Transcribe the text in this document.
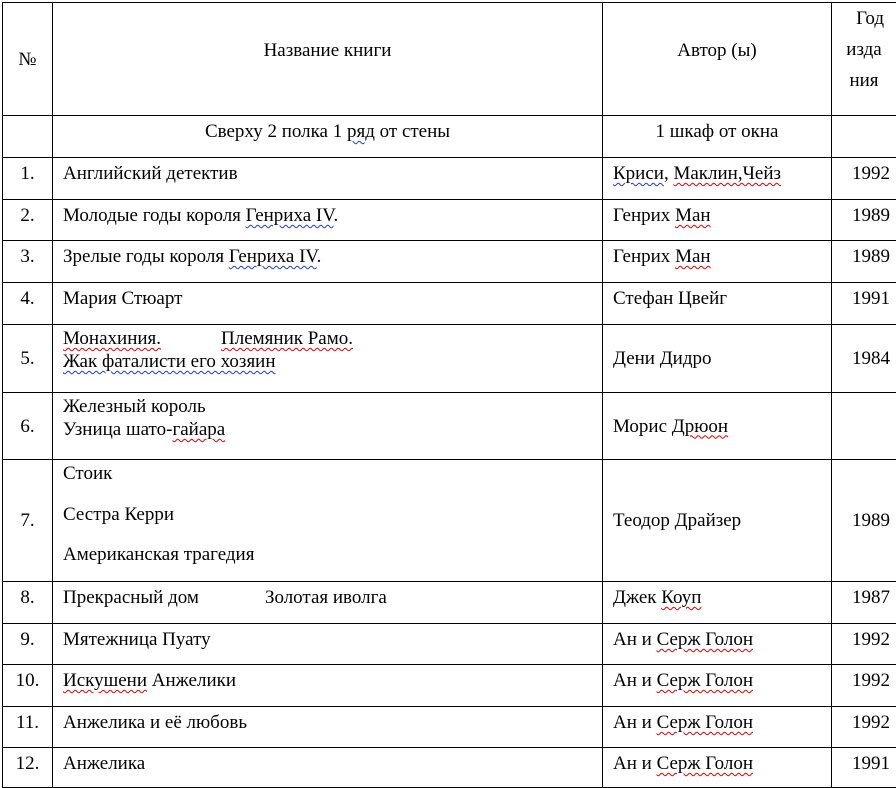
№	Название книги	Автор (ы)	Год
изда
ния

	Сверху 2 полка 1 ряд от стены	1 шкаф от окна	
1.	Английский детектив	Криси, Маклин,Чейз	1992
2.	Молодые годы короля Генриха IV.	Генрих Ман	1989
3.	Зрелые годы короля Генриха IV.	Генрих Ман	1989
4.	Мария Стюарт	Стефан Цвейг	1991
5.	Монахиния. Племяник Рамо.
Жак фаталисти его хозяин	Дени Дидро	1984
6.	Железный король
Узница шато-гайара	Морис Дрюон	
7.	Стоик
Сестра Керри
Американская трагедия	Теодор Драйзер	1989
8.	Прекрасный дом Золотая иволга	Джек Коуп	1987
9.	Мятежница Пуату	Ан и Серж Голон	1992
10.	Искушени Анжелики	Ан и Серж Голон	1992
11.	Анжелика и её любовь	Ан и Серж Голон	1992
12.	Анжелика	Ан и Серж Голон	1991
